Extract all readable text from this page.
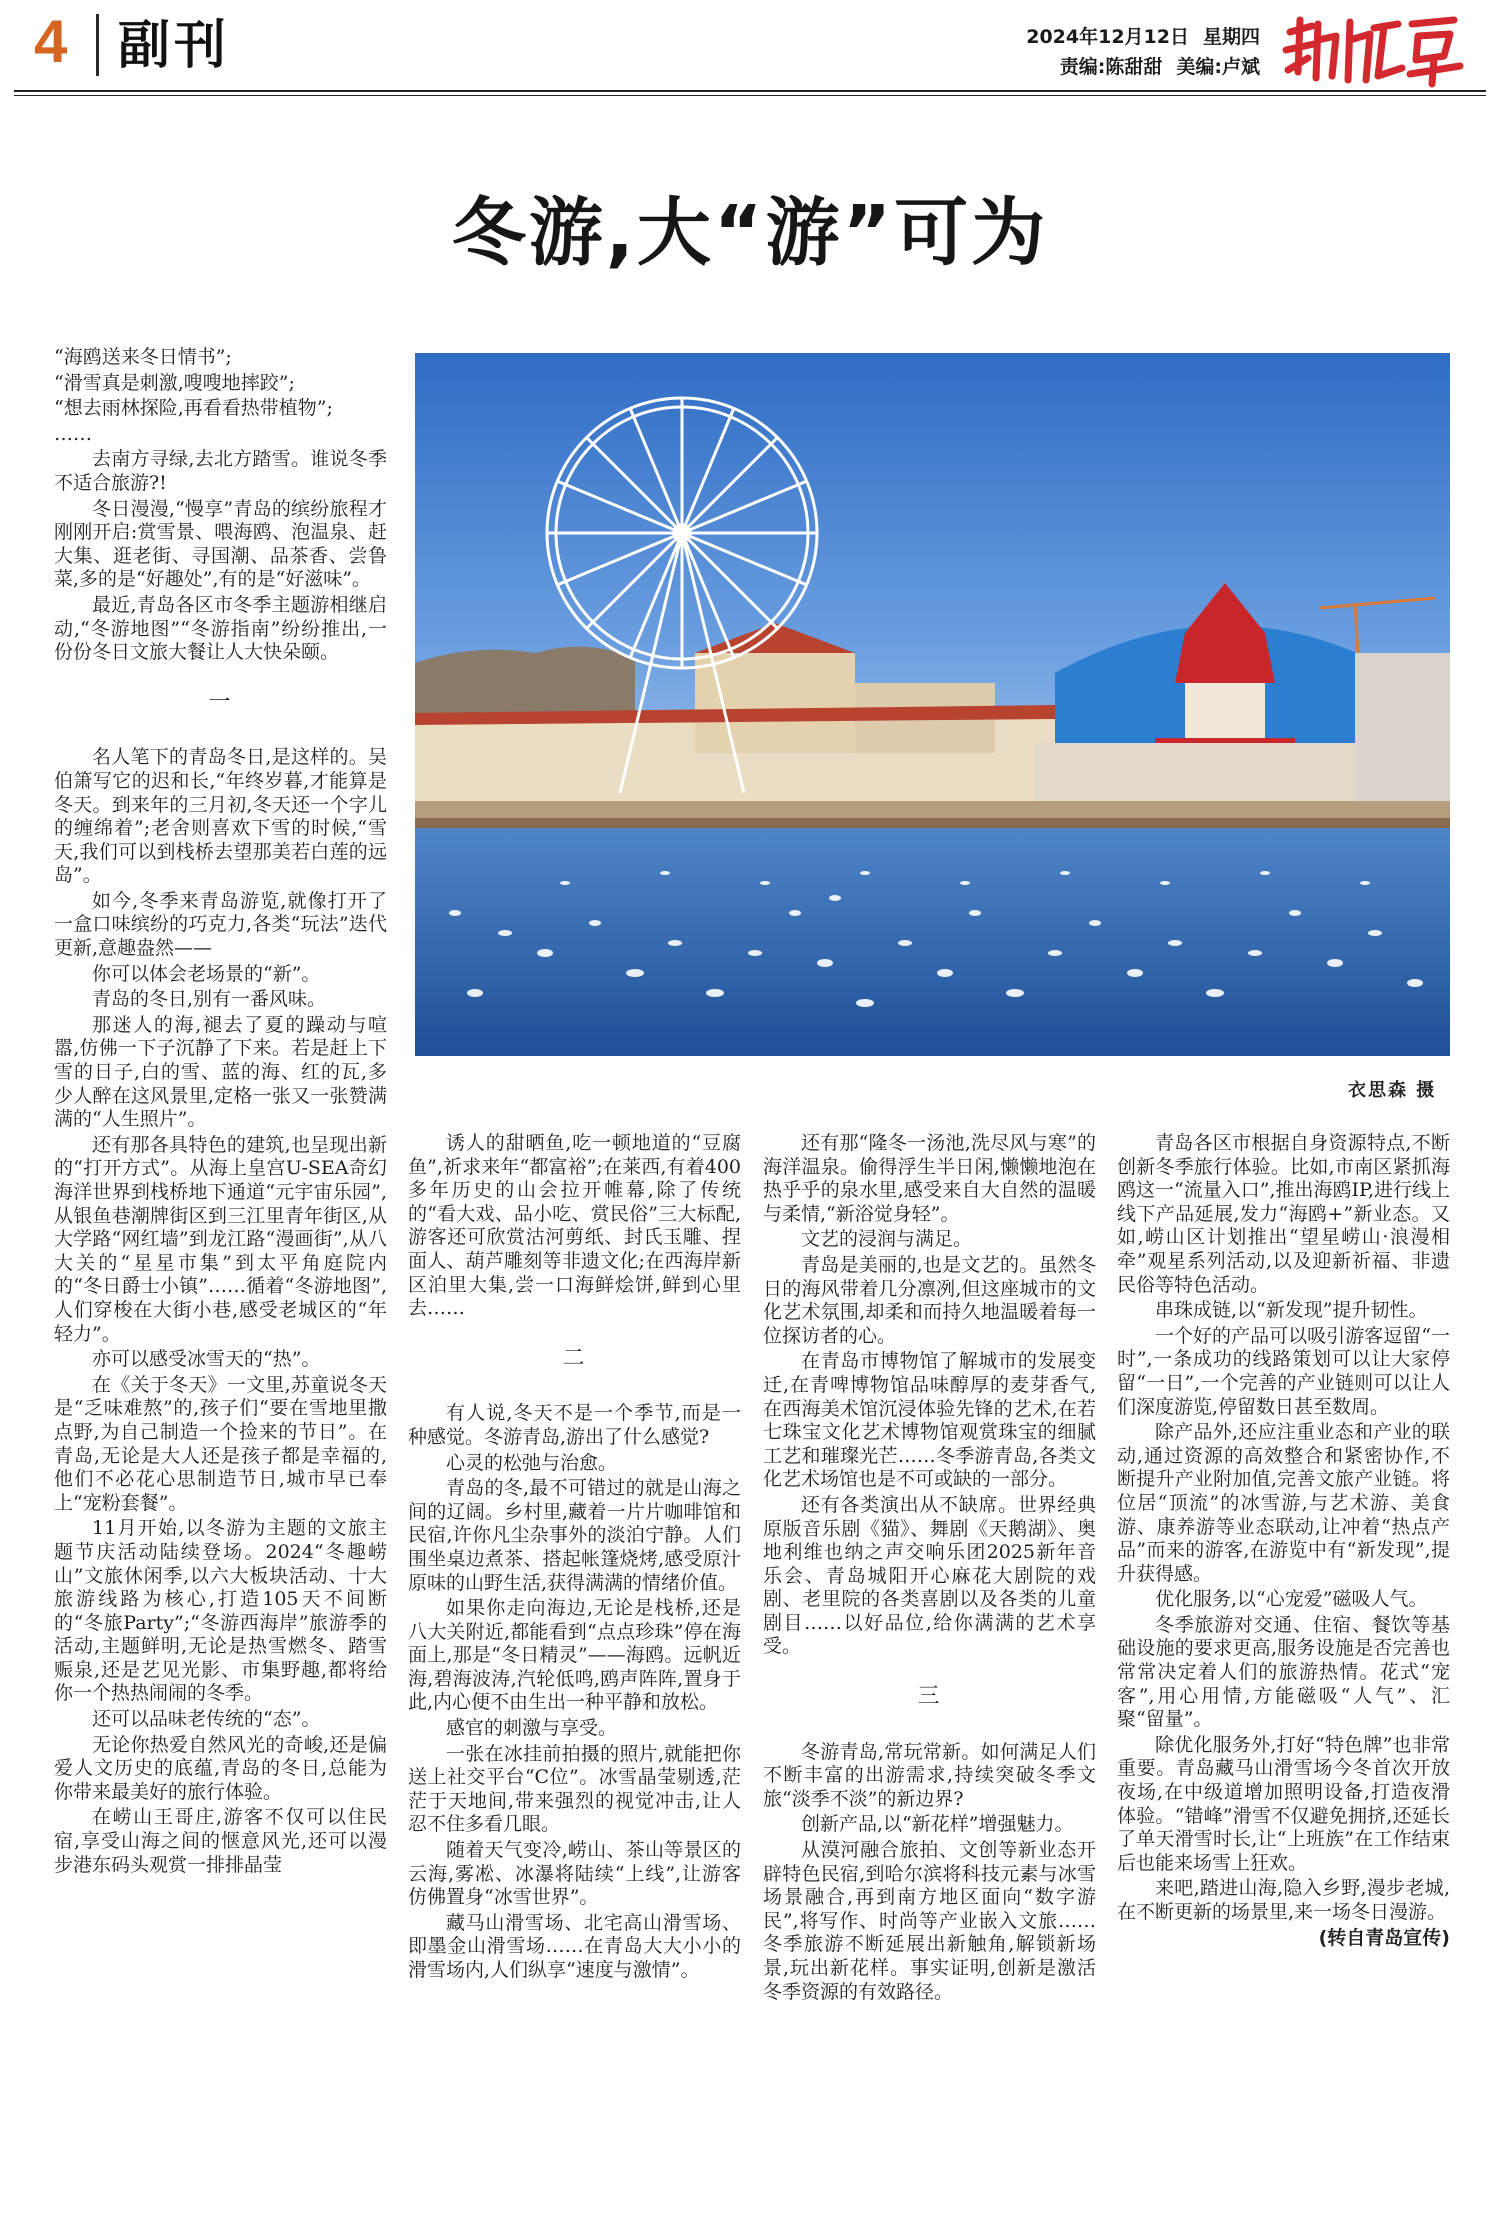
4 副刊	2024年12月12日 星期四
责编:陈甜甜 美编:卢斌
冬游,大“游”可为
衣思森 摄

“海鸥送来冬日情书”;

“滑雪真是刺激,嗖嗖地摔跤”;

“想去雨林探险,再看看热带植物”;

……

去南方寻绿,去北方踏雪。谁说冬季不适合旅游?!

冬日漫漫,“慢享”青岛的缤纷旅程才刚刚开启:赏雪景、喂海鸥、泡温泉、赶大集、逛老街、寻国潮、品茶香、尝鲁菜,多的是“好趣处”,有的是“好滋味”。

最近,青岛各区市冬季主题游相继启动,“冬游地图”“冬游指南”纷纷推出,一份份冬日文旅大餐让人大快朵颐。

一

名人笔下的青岛冬日,是这样的。吴伯箫写它的迟和长,“年终岁暮,才能算是冬天。到来年的三月初,冬天还一个字儿的缠绵着”;老舍则喜欢下雪的时候,“雪天,我们可以到栈桥去望那美若白莲的远岛”。

如今,冬季来青岛游览,就像打开了一盒口味缤纷的巧克力,各类“玩法”迭代更新,意趣盎然——

你可以体会老场景的“新”。

青岛的冬日,别有一番风味。

那迷人的海,褪去了夏的躁动与喧嚣,仿佛一下子沉静了下来。若是赶上下雪的日子,白的雪、蓝的海、红的瓦,多少人醉在这风景里,定格一张又一张赞满满的“人生照片”。

还有那各具特色的建筑,也呈现出新的“打开方式”。从海上皇宫U-SEA奇幻海洋世界到栈桥地下通道“元宇宙乐园”,从银鱼巷潮牌街区到三江里青年街区,从大学路“网红墙”到龙江路“漫画街”,从八大关的“星星市集”到太平角庭院内的“冬日爵士小镇”……循着“冬游地图”,人们穿梭在大街小巷,感受老城区的“年轻力”。

亦可以感受冰雪天的“热”。

在《关于冬天》一文里,苏童说冬天是“乏味难熬”的,孩子们“要在雪地里撒点野,为自己制造一个捡来的节日”。在青岛,无论是大人还是孩子都是幸福的,他们不必花心思制造节日,城市早已奉上“宠粉套餐”。

11月开始,以冬游为主题的文旅主题节庆活动陆续登场。2024“冬趣崂山”文旅休闲季,以六大板块活动、十大旅游线路为核心,打造105天不间断的“冬旅Party”;“冬游西海岸”旅游季的活动,主题鲜明,无论是热雪燃冬、踏雪赈泉,还是艺见光影、市集野趣,都将给你一个热热闹闹的冬季。

还可以品味老传统的“态”。

无论你热爱自然风光的奇峻,还是偏爱人文历史的底蕴,青岛的冬日,总能为你带来最美好的旅行体验。

在崂山王哥庄,游客不仅可以住民宿,享受山海之间的惬意风光,还可以漫步港东码头观赏一排排晶莹

诱人的甜晒鱼,吃一顿地道的“豆腐鱼”,祈求来年“都富裕”;在莱西,有着400多年历史的山会拉开帷幕,除了传统的“看大戏、品小吃、赏民俗”三大标配,游客还可欣赏沽河剪纸、封氏玉雕、捏面人、葫芦雕刻等非遗文化;在西海岸新区泊里大集,尝一口海鲜烩饼,鲜到心里去……

二

有人说,冬天不是一个季节,而是一种感觉。冬游青岛,游出了什么感觉?

心灵的松弛与治愈。

青岛的冬,最不可错过的就是山海之间的辽阔。乡村里,藏着一片片咖啡馆和民宿,许你凡尘杂事外的淡泊宁静。人们围坐桌边煮茶、搭起帐篷烧烤,感受原汁原味的山野生活,获得满满的情绪价值。

如果你走向海边,无论是栈桥,还是八大关附近,都能看到“点点珍珠”停在海面上,那是“冬日精灵”——海鸥。远帆近海,碧海波涛,汽轮低鸣,鸥声阵阵,置身于此,内心便不由生出一种平静和放松。

感官的刺激与享受。

一张在冰挂前拍摄的照片,就能把你送上社交平台“C位”。冰雪晶莹剔透,茫茫于天地间,带来强烈的视觉冲击,让人忍不住多看几眼。

随着天气变冷,崂山、茶山等景区的云海,雾凇、冰瀑将陆续“上线”,让游客仿佛置身“冰雪世界”。

藏马山滑雪场、北宅高山滑雪场、即墨金山滑雪场……在青岛大大小小的滑雪场内,人们纵享“速度与激情”。

还有那“隆冬一汤池,洗尽风与寒”的海洋温泉。偷得浮生半日闲,懒懒地泡在热乎乎的泉水里,感受来自大自然的温暖与柔情,“新浴觉身轻”。

文艺的浸润与满足。

青岛是美丽的,也是文艺的。虽然冬日的海风带着几分凛冽,但这座城市的文化艺术氛围,却柔和而持久地温暖着每一位探访者的心。

在青岛市博物馆了解城市的发展变迁,在青啤博物馆品味醇厚的麦芽香气,在西海美术馆沉浸体验先锋的艺术,在若七珠宝文化艺术博物馆观赏珠宝的细腻工艺和璀璨光芒……冬季游青岛,各类文化艺术场馆也是不可或缺的一部分。

还有各类演出从不缺席。世界经典原版音乐剧《猫》、舞剧《天鹅湖》、奥地利维也纳之声交响乐团2025新年音乐会、青岛城阳开心麻花大剧院的戏剧、老里院的各类喜剧以及各类的儿童剧目……以好品位,给你满满的艺术享受。

三

冬游青岛,常玩常新。如何满足人们不断丰富的出游需求,持续突破冬季文旅“淡季不淡”的新边界?

创新产品,以“新花样”增强魅力。

从漠河融合旅拍、文创等新业态开辟特色民宿,到哈尔滨将科技元素与冰雪场景融合,再到南方地区面向“数字游民”,将写作、时尚等产业嵌入文旅……冬季旅游不断延展出新触角,解锁新场景,玩出新花样。事实证明,创新是激活冬季资源的有效路径。

青岛各区市根据自身资源特点,不断创新冬季旅行体验。比如,市南区紧抓海鸥这一“流量入口”,推出海鸥IP,进行线上线下产品延展,发力“海鸥+”新业态。又如,崂山区计划推出“望星崂山·浪漫相牵”观星系列活动,以及迎新祈福、非遗民俗等特色活动。

串珠成链,以“新发现”提升韧性。

一个好的产品可以吸引游客逗留“一时”,一条成功的线路策划可以让大家停留“一日”,一个完善的产业链则可以让人们深度游览,停留数日甚至数周。

除产品外,还应注重业态和产业的联动,通过资源的高效整合和紧密协作,不断提升产业附加值,完善文旅产业链。将位居“顶流”的冰雪游,与艺术游、美食游、康养游等业态联动,让冲着“热点产品”而来的游客,在游览中有“新发现”,提升获得感。

优化服务,以“心宠爱”磁吸人气。

冬季旅游对交通、住宿、餐饮等基础设施的要求更高,服务设施是否完善也常常决定着人们的旅游热情。花式“宠客”,用心用情,方能磁吸“人气”、汇聚“留量”。

除优化服务外,打好“特色牌”也非常重要。青岛藏马山滑雪场今冬首次开放夜场,在中级道增加照明设备,打造夜滑体验。“错峰”滑雪不仅避免拥挤,还延长了单天滑雪时长,让“上班族”在工作结束后也能来场雪上狂欢。

来吧,踏进山海,隐入乡野,漫步老城,在不断更新的场景里,来一场冬日漫游。

(转自青岛宣传)
